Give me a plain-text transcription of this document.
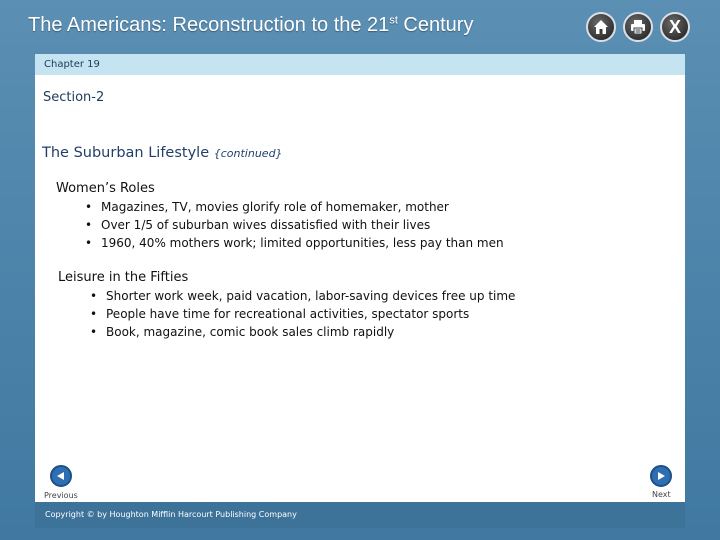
The Americans: Reconstruction to the 21st Century	X
Chapter 19
Section-2
The Suburban Lifestyle {continued}
Women’s Roles
• Magazines, TV, movies glorify role of homemaker, mother
• Over 1/5 of suburban wives dissatisfied with their lives
• 1960, 40% mothers work; limited opportunities, less pay than men
Leisure in the Fifties
• Shorter work week, paid vacation, labor-saving devices free up time
• People have time for recreational activities, spectator sports
• Book, magazine, comic book sales climb rapidly
Previous	Next
Copyright © by Houghton Mifflin Harcourt Publishing Company
